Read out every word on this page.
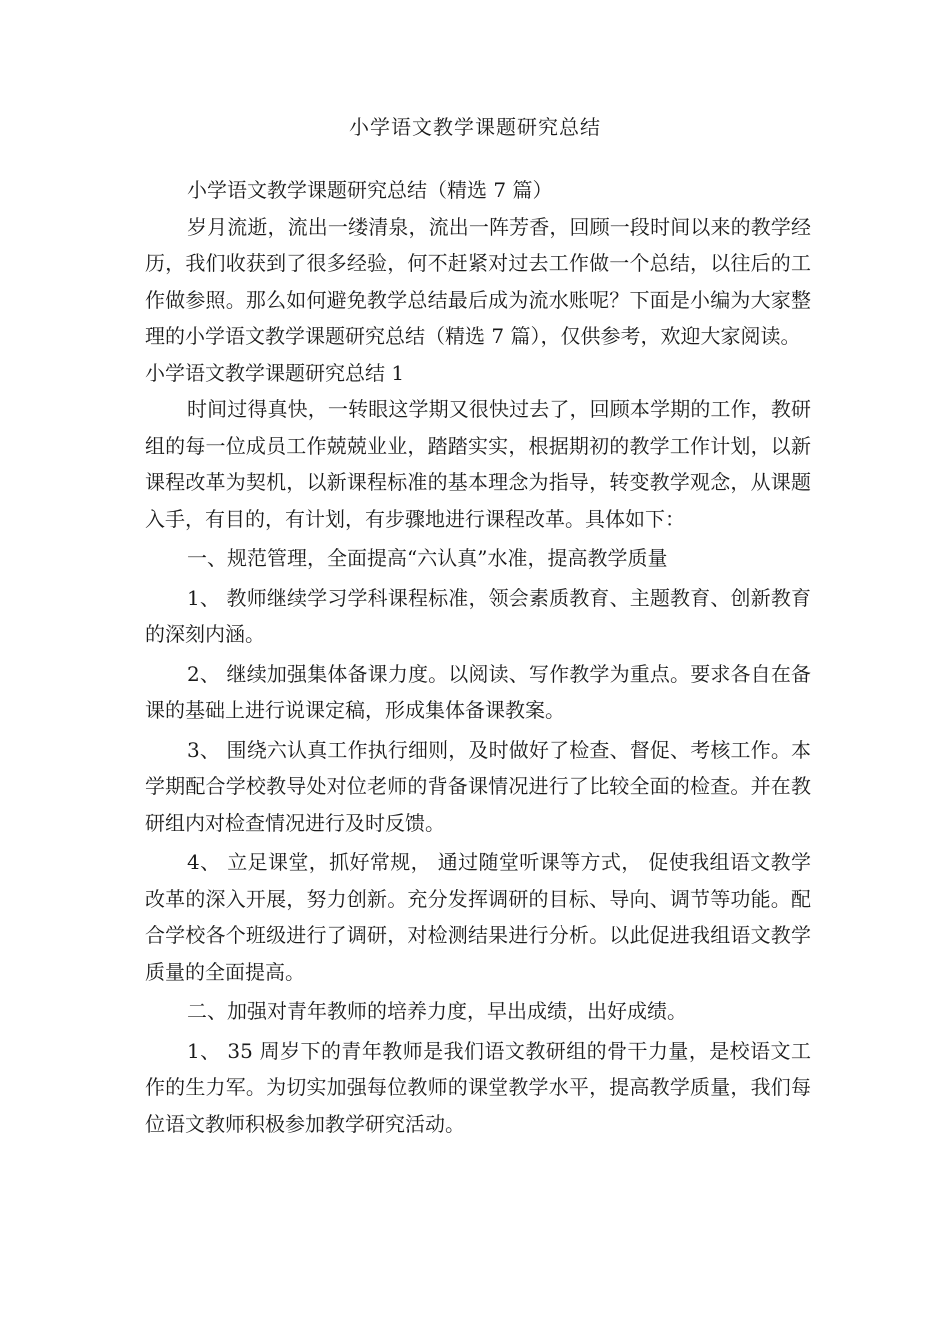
小学语文教学课题研究总结

小学语文教学课题研究总结（精选 7 篇）

岁月流逝，流出一缕清泉，流出一阵芳香，回顾一段时间以来的教学经历，我们收获到了很多经验，何不赶紧对过去工作做一个总结，以往后的工作做参照。那么如何避免教学总结最后成为流水账呢？下面是小编为大家整理的小学语文教学课题研究总结（精选 7 篇），仅供参考，欢迎大家阅读。

小学语文教学课题研究总结 1

时间过得真快，一转眼这学期又很快过去了，回顾本学期的工作，教研组的每一位成员工作兢兢业业，踏踏实实，根据期初的教学工作计划，以新课程改革为契机，以新课程标准的基本理念为指导，转变教学观念，从课题入手，有目的，有计划，有步骤地进行课程改革。具体如下：

一、规范管理，全面提高“六认真”水准，提高教学质量

1、 教师继续学习学科课程标准，领会素质教育、主题教育、创新教育的深刻内涵。

2、 继续加强集体备课力度。以阅读、写作教学为重点。要求各自在备课的基础上进行说课定稿，形成集体备课教案。

3、 围绕六认真工作执行细则，及时做好了检查、督促、考核工作。本学期配合学校教导处对位老师的背备课情况进行了比较全面的检查。并在教研组内对检查情况进行及时反馈。

4、 立足课堂，抓好常规， 通过随堂听课等方式， 促使我组语文教学改革的深入开展，努力创新。充分发挥调研的目标、导向、调节等功能。配合学校各个班级进行了调研，对检测结果进行分析。以此促进我组语文教学质量的全面提高。

二、加强对青年教师的培养力度，早出成绩，出好成绩。

1、 35 周岁下的青年教师是我们语文教研组的骨干力量，是校语文工作的生力军。为切实加强每位教师的课堂教学水平，提高教学质量，我们每位语文教师积极参加教学研究活动。
